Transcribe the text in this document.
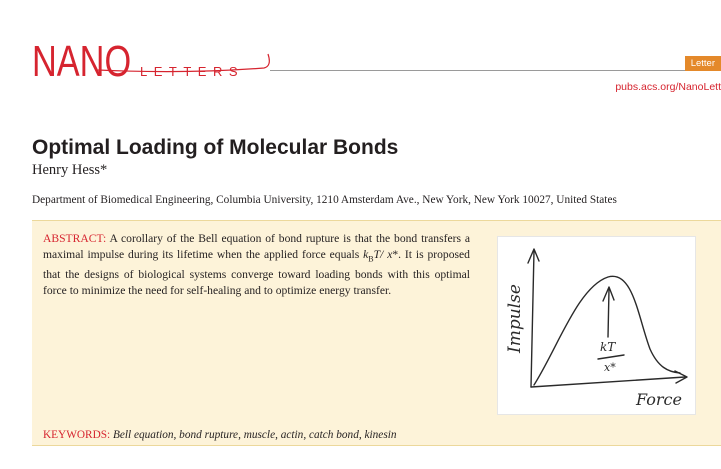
NANO LETTERS
Letter
pubs.acs.org/NanoLett
Optimal Loading of Molecular Bonds
Henry Hess*
Department of Biomedical Engineering, Columbia University, 1210 Amsterdam Ave., New York, New York 10027, United States
ABSTRACT: A corollary of the Bell equation of bond rupture is that the bond transfers a maximal impulse during its lifetime when the applied force equals $k_BT/$ x*. It is proposed that the designs of biological systems converge toward loading bonds with this optimal force to minimize the need for self-healing and to optimize energy transfer.	Impulse
Force
kT
x*
KEYWORDS: Bell equation, bond rupture, muscle, actin, catch bond, kinesin
